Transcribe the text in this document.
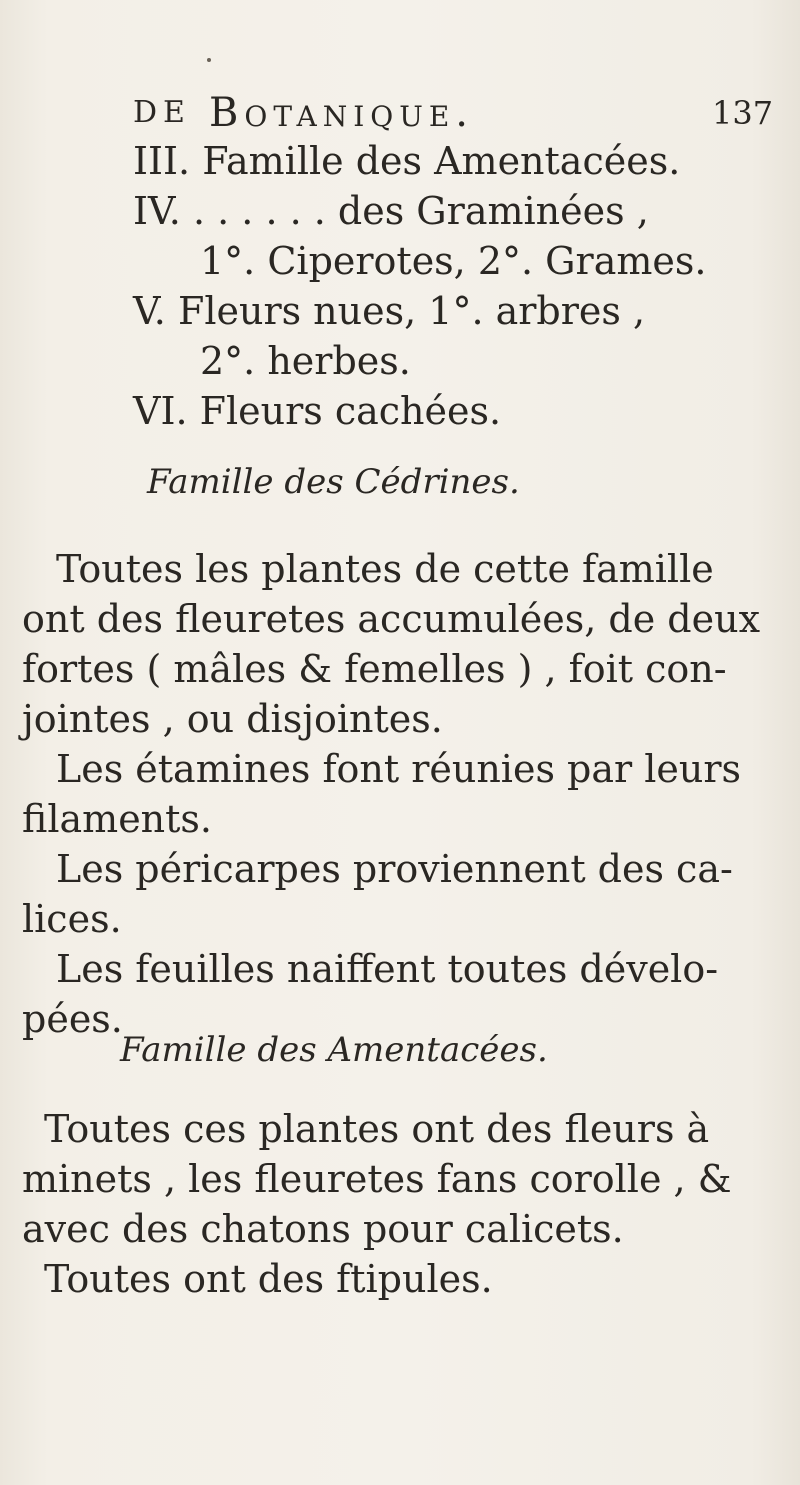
DE Botanique.	137
III. Famille des Amentacées.
IV. . . . . . . des Graminées ,
1°. Ciperotes, 2°. Grames.
V. Fleurs nues, 1°. arbres ,
2°. herbes.
VI. Fleurs cachées.
Famille des Cédrines.
Toutes les plantes de cette famille
ont des fleuretes accumulées, de deux
fortes ( mâles & femelles ) , foit con-
jointes , ou disjointes.
Les étamines font réunies par leurs
filaments.
Les péricarpes proviennent des ca-
lices.
Les feuilles naiffent toutes dévelo-
pées.
Famille des Amentacées.
Toutes ces plantes ont des fleurs à
minets , les fleuretes fans corolle , &
avec des chatons pour calicets.
Toutes ont des ftipules.
